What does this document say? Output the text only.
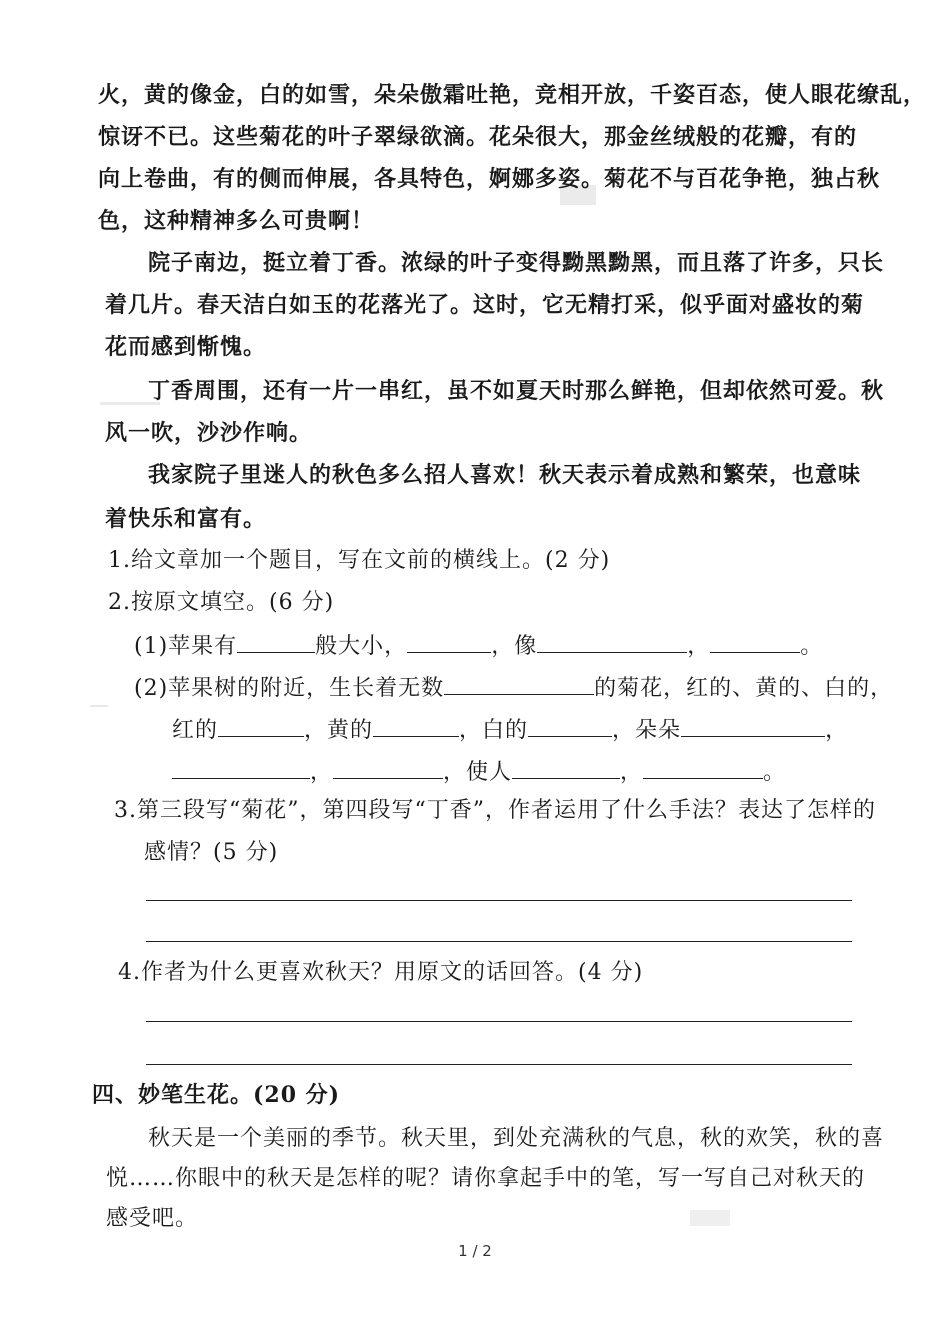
火，黄的像金，白的如雪，朵朵傲霜吐艳，竞相开放，千姿百态，使人眼花缭乱，
惊讶不已。这些菊花的叶子翠绿欲滴。花朵很大，那金丝绒般的花瓣，有的
向上卷曲，有的侧而伸展，各具特色，婀娜多姿。菊花不与百花争艳，独占秋
色，这种精神多么可贵啊！
院子南边，挺立着丁香。浓绿的叶子变得黝黑黝黑，而且落了许多，只长
着几片。春天洁白如玉的花落光了。这时，它无精打采，似乎面对盛妆的菊
花而感到惭愧。
丁香周围，还有一片一串红，虽不如夏天时那么鲜艳，但却依然可爱。秋
风一吹，沙沙作响。
我家院子里迷人的秋色多么招人喜欢！秋天表示着成熟和繁荣，也意味
着快乐和富有。
1.给文章加一个题目，写在文前的横线上。(2 分)
2.按原文填空。(6 分)
(1)苹果有	般大小，	，像	，	。
(2)苹果树的附近，生长着无数	的菊花，红的、黄的、白的，
红的	，黄的	，白的	，朵朵	，
，	，使人	，	。
3.第三段写“菊花”，第四段写“丁香”，作者运用了什么手法？表达了怎样的
感情？(5 分)
4.作者为什么更喜欢秋天？用原文的话回答。(4 分)
四、妙笔生花。(20 分)
秋天是一个美丽的季节。秋天里，到处充满秋的气息，秋的欢笑，秋的喜
悦……你眼中的秋天是怎样的呢？请你拿起手中的笔，写一写自己对秋天的
感受吧。
1 / 2
